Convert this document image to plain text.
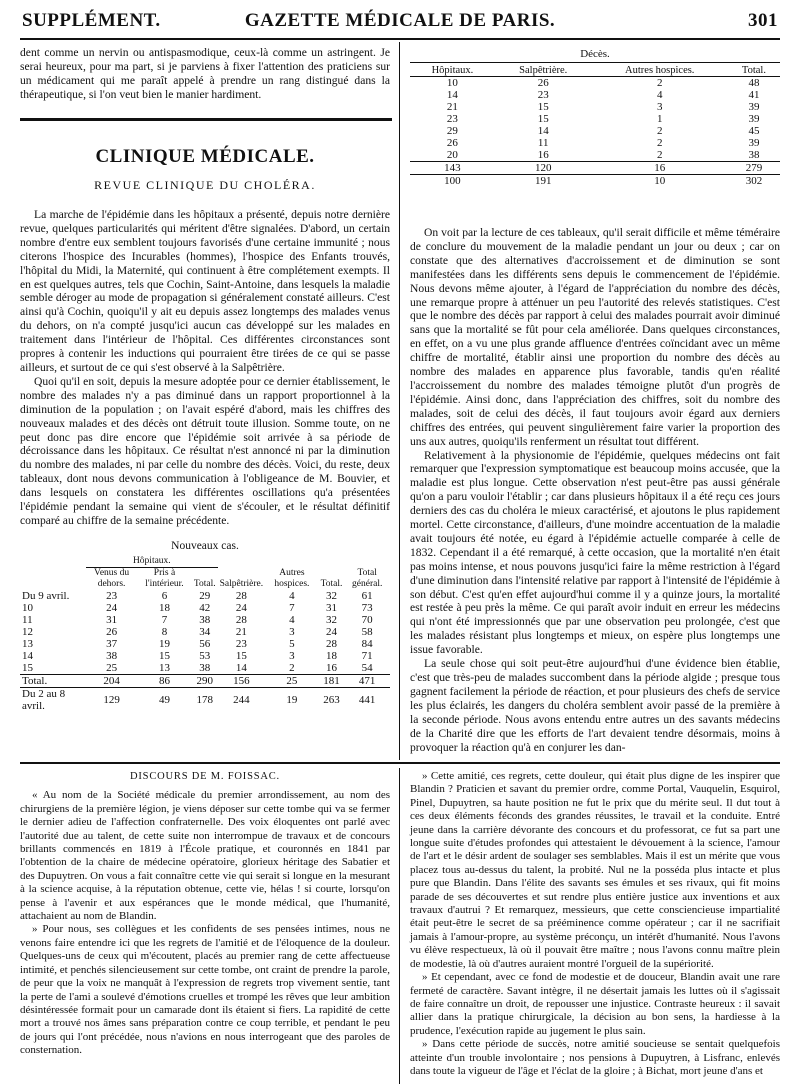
SUPPLÉMENT.	GAZETTE MÉDICALE DE PARIS.	301

dent comme un nervin ou antispasmodique, ceux-là comme un astringent. Je serai heureux, pour ma part, si je parviens à fixer l'attention des praticiens sur un médicament qui me paraît appelé à prendre un rang distingué dans la thérapeutique, si l'on veut bien le manier hardiment.

CLINIQUE MÉDICALE.
REVUE CLINIQUE DU CHOLÉRA.

La marche de l'épidémie dans les hôpitaux a présenté, depuis notre dernière revue, quelques particularités qui méritent d'être signalées. D'abord, un certain nombre d'entre eux semblent toujours favorisés d'une certaine immunité ; nous citerons l'hospice des Incurables (hommes), l'hospice des Enfants trouvés, l'hôpital du Midi, la Maternité, qui continuent à être complétement exempts. Il en est quelques autres, tels que Cochin, Saint-Antoine, dans lesquels la maladie semble déroger au mode de propagation si généralement constaté ailleurs. C'est ainsi qu'à Cochin, quoiqu'il y ait eu depuis assez longtemps des malades venus du dehors, on n'a compté jusqu'ici aucun cas développé sur les malades en traitement dans l'intérieur de l'hôpital. Ces différentes circonstances sont propres à contenir les inductions qui pourraient être tirées de ce qui se passe ailleurs, et surtout de ce qui s'est observé à la Salpêtrière.

Quoi qu'il en soit, depuis la mesure adoptée pour ce dernier établissement, le nombre des malades n'y a pas diminué dans un rapport proportionnel à la diminution de la population ; on l'avait espéré d'abord, mais les chiffres des nouveaux malades et des décès ont détruit toute illusion. Somme toute, on ne peut donc pas dire encore que l'épidémie soit arrivée à sa période de décroissance dans les hôpitaux. Ce résultat n'est annoncé ni par la diminution du nombre des malades, ni par celle du nombre des décès. Voici, du reste, deux tableaux, dont nous devons communication à l'obligeance de M. Bouvier, et dans lesquels on constatera les différentes oscillations qu'a présentées l'épidémie pendant la semaine qui vient de s'écouler, et le résultat définitif comparé au chiffre de la semaine précédente.

Nouveaux cas.
	Hôpitaux.			Salpêtrière.	Autres hospices.	Total.	Total général.
	Venus du dehors.	Pris à l'intérieur.	Total.				
Du 9 avril.	23	6	29	28	4	32	61
10	24	18	42	24	7	31	73
11	31	7	38	28	4	32	70
12	26	8	34	21	3	24	58
13	37	19	56	23	5	28	84
14	38	15	53	15	3	18	71
15	25	13	38	14	2	16	54
Total.	204	86	290	156	25	181	471
Du 2 au 8 avril.	129	49	178	244	19	263	441
Décès.
Hôpitaux.	Salpêtrière.	Autres hospices.	Total.
10	26	2	48
14	23	4	41
21	15	3	39
23	15	1	39
29	14	2	45
26	11	2	39
20	16	2	38
143	120	16	279
100	191	10	302

On voit par la lecture de ces tableaux, qu'il serait difficile et même téméraire de conclure du mouvement de la maladie pendant un jour ou deux ; car on constate que des alternatives d'accroissement et de diminution se sont manifestées dans les différents sens depuis le commencement de l'épidémie. Nous devons même ajouter, à l'égard de l'appréciation du nombre des décès, une remarque propre à atténuer un peu l'autorité des relevés statistiques. C'est que le nombre des décès par rapport à celui des malades pourrait avoir diminué sans que la mortalité se fût pour cela améliorée. Dans quelques circonstances, en effet, on a vu une plus grande affluence d'entrées coïncidant avec un même chiffre de mortalité, établir ainsi une proportion du nombre des décès au nombre des malades en apparence plus favorable, tandis qu'en réalité l'accroissement du nombre des malades témoigne plutôt d'un progrès de l'épidémie. Ainsi donc, dans l'appréciation des chiffres, soit du nombre des malades, soit de celui des décès, il faut toujours avoir égard aux derniers chiffres des entrées, qui peuvent singulièrement faire varier la proportion des uns aux autres, quoiqu'ils renferment un résultat tout différent.

Relativement à la physionomie de l'épidémie, quelques médecins ont fait remarquer que l'expression symptomatique est beaucoup moins accusée, que la maladie est plus longue. Cette observation n'est peut-être pas aussi générale qu'on a paru vouloir l'établir ; car dans plusieurs hôpitaux il a été reçu ces jours derniers des cas du choléra le mieux caractérisé, et ajoutons le plus rapidement mortel. Cette circonstance, d'ailleurs, d'une moindre accentuation de la maladie avait toujours été notée, eu égard à l'épidémie actuelle comparée à celle de 1832. Cependant il a été remarqué, à cette occasion, que la mortalité n'en était pas moins intense, et nous pouvons jusqu'ici faire la même restriction à l'égard d'une diminution dans l'intensité relative par rapport à l'intensité de l'épidémie à son début. C'est qu'en effet aujourd'hui comme il y a quinze jours, la mortalité est restée à peu près la même. Ce qui paraît avoir induit en erreur les médecins qui n'ont été impressionnés que par une observation peu prolongée, c'est que les malades résistant plus longtemps et mieux, on espère plus longtemps une issue favorable.

La seule chose qui soit peut-être aujourd'hui d'une évidence bien établie, c'est que très-peu de malades succombent dans la période algide ; presque tous gagnent facilement la période de réaction, et pour plusieurs des chefs de service les plus éclairés, les dangers du choléra semblent avoir passé de la première à la seconde période. Nous avons entendu entre autres un des savants médecins de la Charité dire que les efforts de l'art devaient tendre désormais, moins à provoquer la réaction qu'à en conjurer les dan-

DISCOURS DE M. FOISSAC.

« Au nom de la Société médicale du premier arrondissement, au nom des chirurgiens de la première légion, je viens déposer sur cette tombe qui va se fermer le dernier adieu de l'affection confraternelle. Des voix éloquentes ont parlé avec l'autorité due au talent, de cette suite non interrompue de travaux et de concours brillants commencés en 1819 à l'École pratique, et couronnés en 1841 par l'obtention de la chaire de médecine opératoire, glorieux héritage des Sabatier et des Dupuytren. On vous a fait connaître cette vie qui serait si longue en la mesurant à la science acquise, à la réputation obtenue, cette vie, hélas ! si courte, lorsqu'on pense à l'avenir et aux espérances que le monde médical, que l'humanité, attachaient au nom de Blandin.

» Pour nous, ses collègues et les confidents de ses pensées intimes, nous ne venons faire entendre ici que les regrets de l'amitié et de l'éloquence de la douleur. Quelques-uns de ceux qui m'écoutent, placés au premier rang de cette affectueuse intimité, et penchés silencieusement sur cette tombe, ont craint de prendre la parole, de peur que la voix ne manquât à l'expression de regrets trop vivement sentie, tant la perte de l'ami a soulevé d'émotions cruelles et trompé les rêves que leur ambition désintéressée formait pour un camarade dont ils étaient si fiers. La rapidité de cette mort a trouvé nos âmes sans préparation contre ce coup terrible, et pendant le peu de jours qui l'ont précédée, nous n'avions en nous interrogeant que des paroles de consternation.

» Cette amitié, ces regrets, cette douleur, qui était plus digne de les inspirer que Blandin ? Praticien et savant du premier ordre, comme Portal, Vauquelin, Esquirol, Pinel, Dupuytren, sa haute position ne fut le prix que du mérite seul. Il dut tout à ces deux éléments féconds des grandes réussites, le travail et la conduite. Entré jeune dans la carrière dévorante des concours et du professorat, ce fut sa part une longue suite d'études profondes qui attestaient le dévouement à la science, l'amour de l'art et le désir ardent de soulager ses semblables. Mais il est un mérite que vous placez tous au-dessus du talent, la probité. Nul ne la posséda plus intacte et plus pure que Blandin. Dans l'élite des savants ses émules et ses rivaux, qui fit moins parade de ses découvertes et sut rendre plus entière justice aux inventions et aux travaux d'autrui ? Et remarquez, messieurs, que cette consciencieuse impartialité était peut-être le secret de sa prééminence comme opérateur ; car il ne sacrifiait jamais à l'amour-propre, au système préconçu, un intérêt d'humanité. Nous l'avons vu élève respectueux, là où il pouvait être maître ; nous l'avons connu maître plein de modestie, là où d'autres auraient montré l'orgueil de la supériorité.

» Et cependant, avec ce fond de modestie et de douceur, Blandin avait une rare fermeté de caractère. Savant intègre, il ne désertait jamais les luttes où il s'agissait de faire connaître un droit, de repousser une injustice. Contraste heureux : il savait allier dans la pratique chirurgicale, la décision au bon sens, la hardiesse à la prudence, l'exécution rapide au jugement le plus sain.

» Dans cette période de succès, notre amitié soucieuse se sentait quelquefois atteinte d'un trouble involontaire ; nos pensions à Dupuytren, à Lisfranc, enlevés dans toute la vigueur de l'âge et l'éclat de la gloire ; à Bichat, mort jeune d'ans et
